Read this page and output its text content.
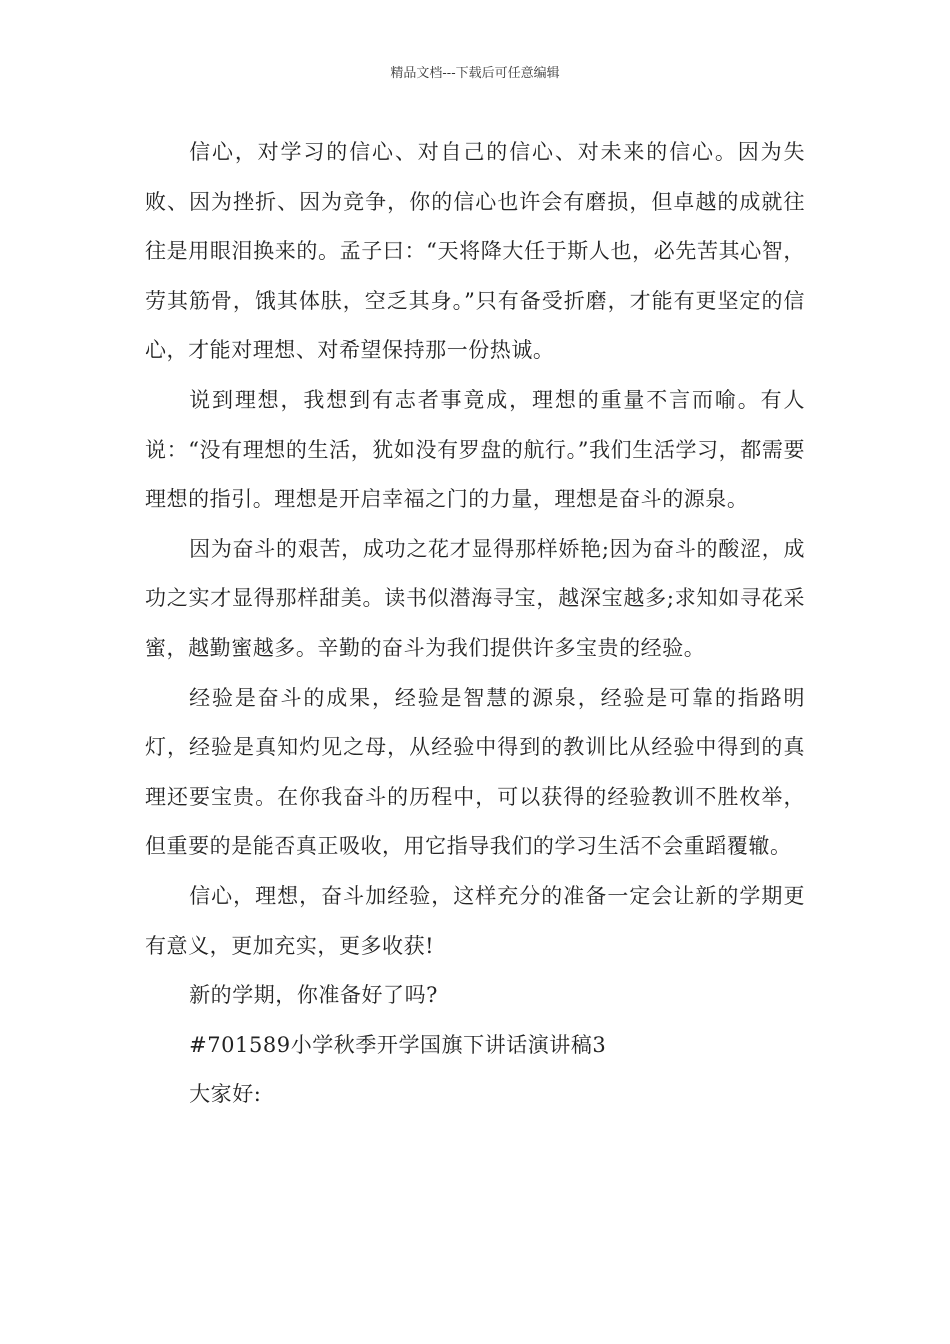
精品文档---下载后可任意编辑

信心，对学习的信心、对自己的信心、对未来的信心。因为失败、因为挫折、因为竞争，你的信心也许会有磨损，但卓越的成就往往是用眼泪换来的。孟子曰：“天将降大任于斯人也，必先苦其心智，劳其筋骨，饿其体肤，空乏其身。”只有备受折磨，才能有更坚定的信心，才能对理想、对希望保持那一份热诚。

说到理想，我想到有志者事竟成，理想的重量不言而喻。有人说：“没有理想的生活，犹如没有罗盘的航行。”我们生活学习，都需要理想的指引。理想是开启幸福之门的力量，理想是奋斗的源泉。

因为奋斗的艰苦，成功之花才显得那样娇艳;因为奋斗的酸涩，成功之实才显得那样甜美。读书似潜海寻宝，越深宝越多;求知如寻花采蜜，越勤蜜越多。辛勤的奋斗为我们提供许多宝贵的经验。

经验是奋斗的成果，经验是智慧的源泉，经验是可靠的指路明灯，经验是真知灼见之母，从经验中得到的教训比从经验中得到的真理还要宝贵。在你我奋斗的历程中，可以获得的经验教训不胜枚举，但重要的是能否真正吸收，用它指导我们的学习生活不会重蹈覆辙。

信心，理想，奋斗加经验，这样充分的准备一定会让新的学期更有意义，更加充实，更多收获!

新的学期，你准备好了吗?

#701589小学秋季开学国旗下讲话演讲稿3

大家好:
